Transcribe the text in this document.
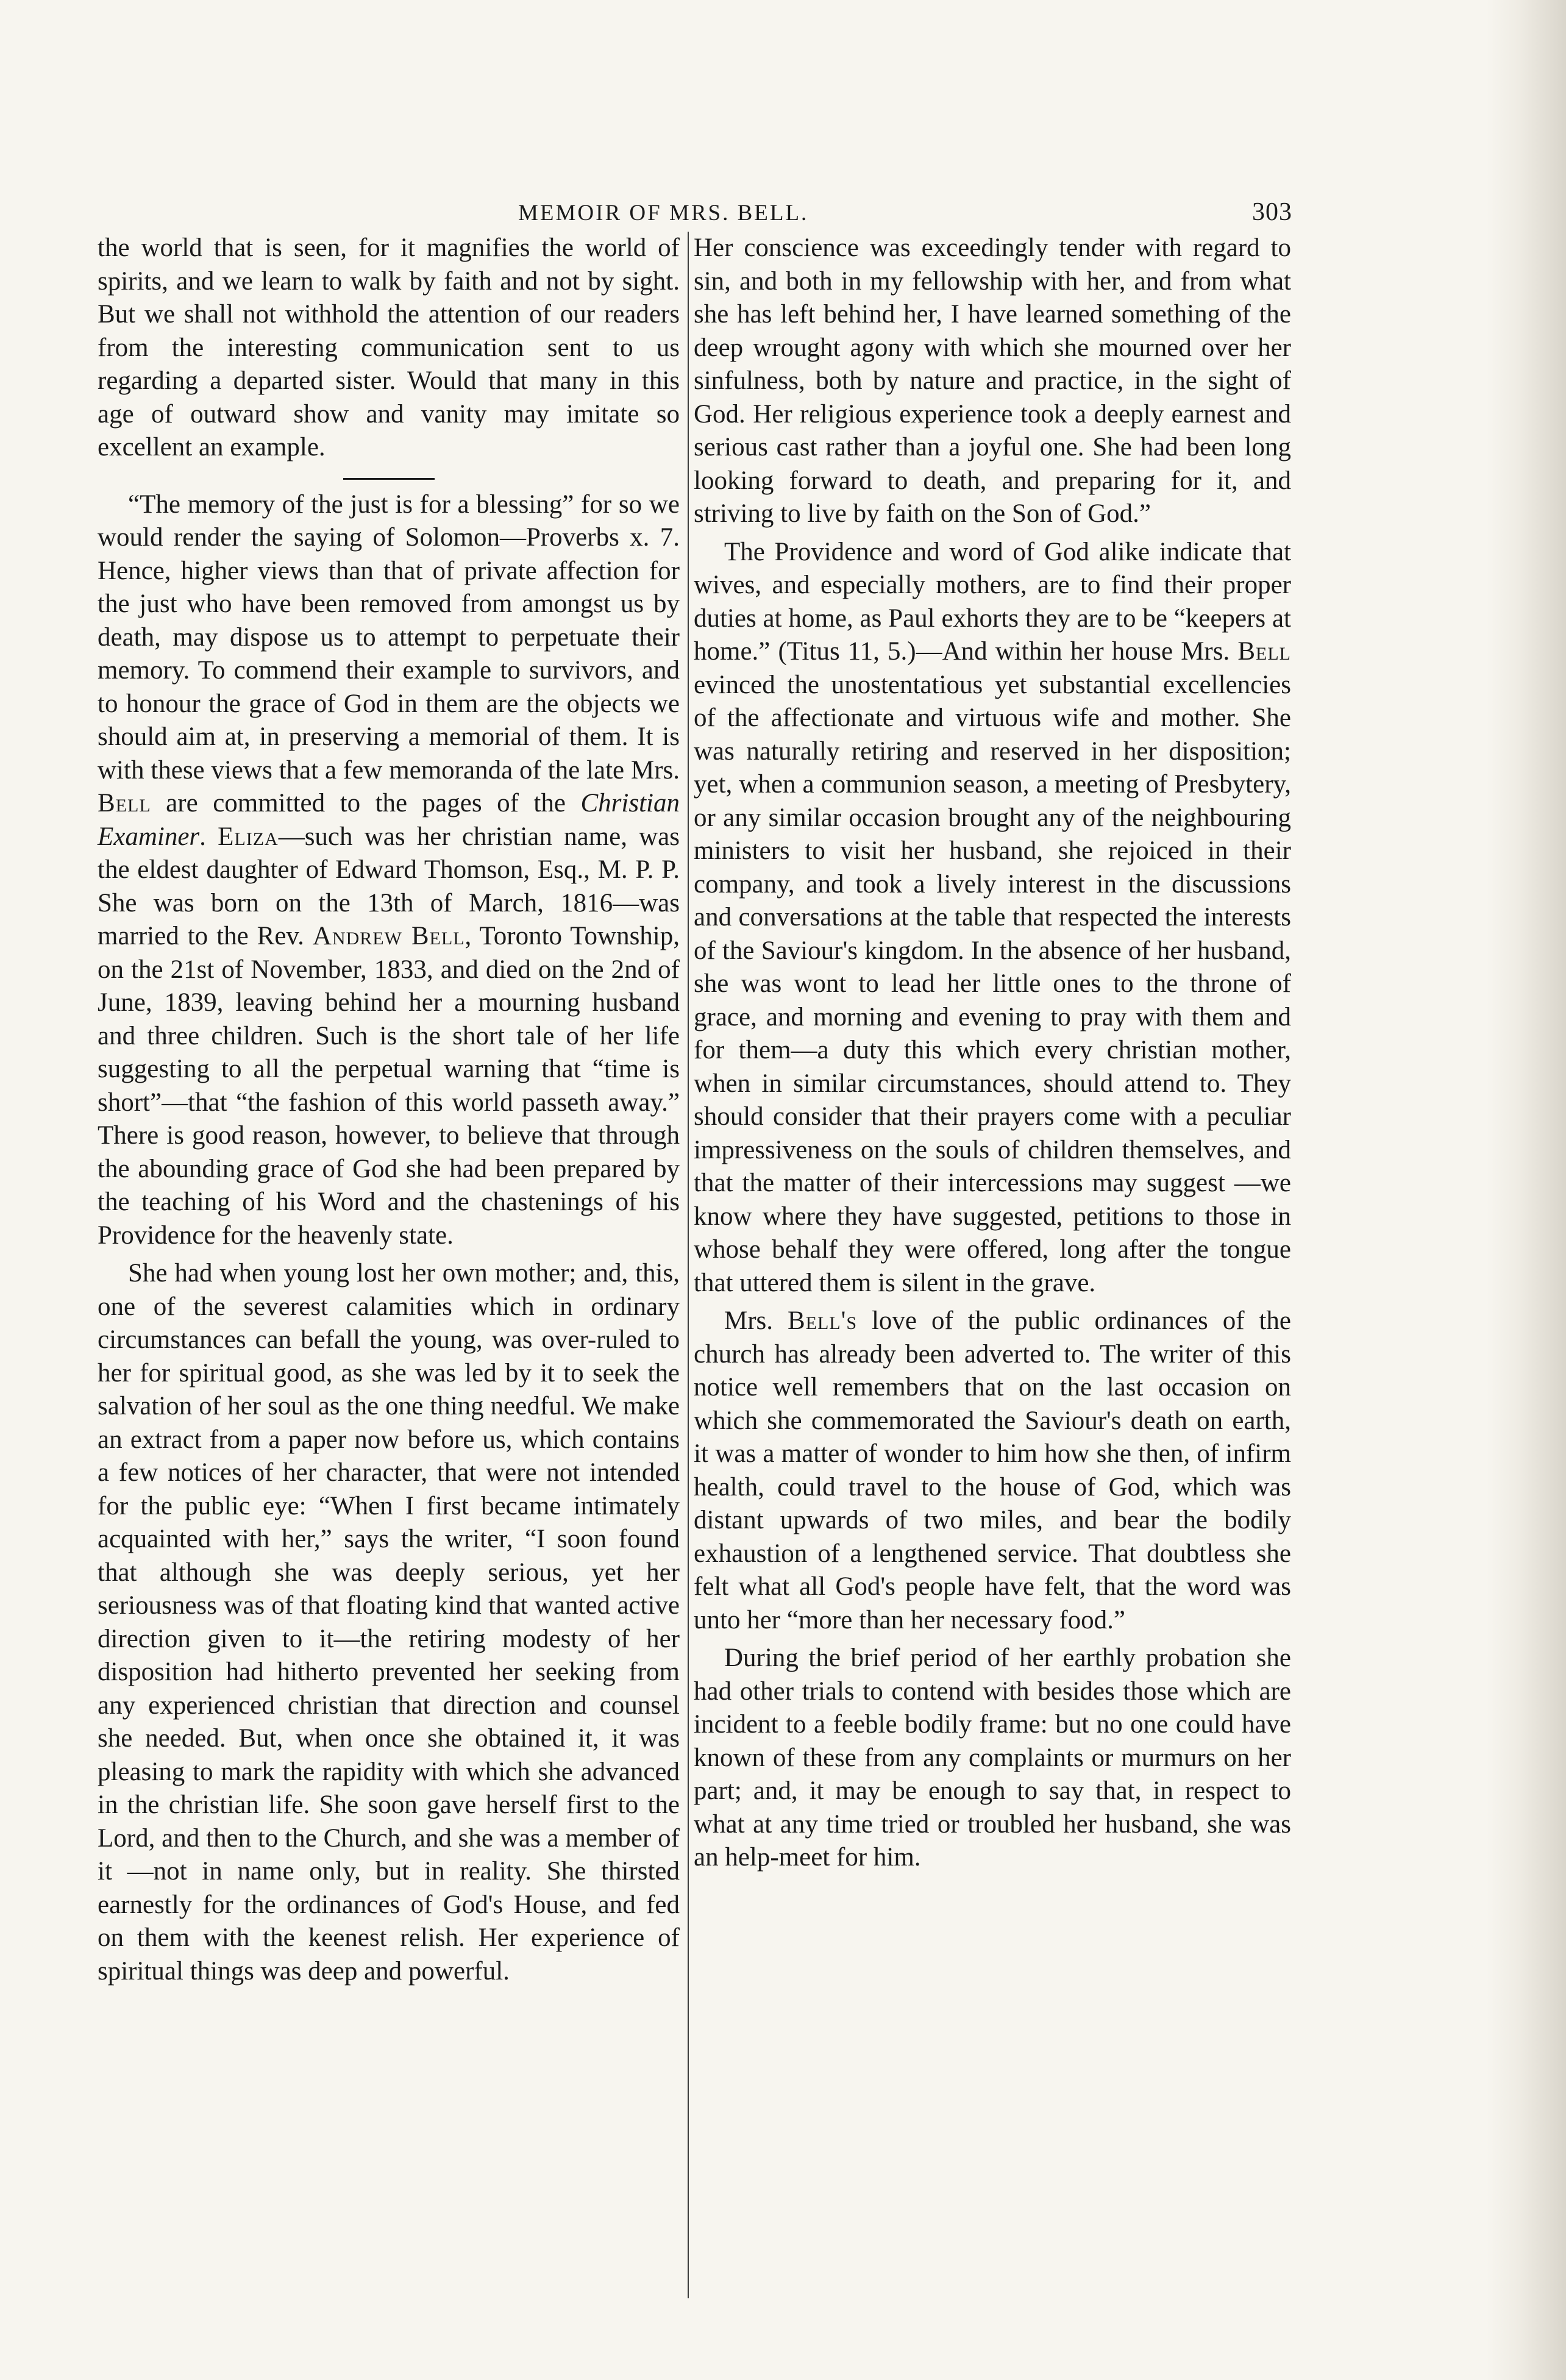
MEMOIR OF MRS. BELL.	303

the world that is seen, for it magnifies the world of spirits, and we learn to walk by faith and not by sight. But we shall not withhold the attention of our readers from the interesting communication sent to us regarding a departed sister. Would that many in this age of outward show and vanity may imitate so excellent an example.

“The memory of the just is for a blessing” for so we would render the saying of Solomon—Proverbs x. 7. Hence, higher views than that of private affection for the just who have been removed from amongst us by death, may dispose us to attempt to perpetuate their memory. To commend their example to survivors, and to honour the grace of God in them are the objects we should aim at, in preserving a memorial of them. It is with these views that a few memoranda of the late Mrs. Bell are committed to the pages of the Christian Examiner. Eliza—such was her christian name, was the eldest daughter of Edward Thomson, Esq., M. P. P. She was born on the 13th of March, 1816—was married to the Rev. Andrew Bell, Toronto Township, on the 21st of November, 1833, and died on the 2nd of June, 1839, leaving behind her a mourning husband and three children. Such is the short tale of her life suggesting to all the perpetual warning that “time is short”—that “the fashion of this world passeth away.” There is good reason, however, to believe that through the abounding grace of God she had been prepared by the teaching of his Word and the chastenings of his Providence for the heavenly state.

She had when young lost her own mother; and, this, one of the severest calamities which in ordinary circumstances can befall the young, was over-ruled to her for spiritual good, as she was led by it to seek the salvation of her soul as the one thing needful. We make an extract from a paper now before us, which contains a few notices of her character, that were not intended for the public eye: “When I first became intimately acquainted with her,” says the writer, “I soon found that although she was deeply serious, yet her seriousness was of that floating kind that wanted active direction given to it—the retiring modesty of her disposition had hitherto prevented her seeking from any experienced christian that direction and counsel she needed. But, when once she obtained it, it was pleasing to mark the rapidity with which she advanced in the christian life. She soon gave herself first to the Lord, and then to the Church, and she was a member of it —not in name only, but in reality. She thirsted earnestly for the ordinances of God's House, and fed on them with the keenest relish. Her experience of spiritual things was deep and powerful.

Her conscience was exceedingly tender with regard to sin, and both in my fellowship with her, and from what she has left behind her, I have learned something of the deep wrought agony with which she mourned over her sinfulness, both by nature and practice, in the sight of God. Her religious experience took a deeply earnest and serious cast rather than a joyful one. She had been long looking forward to death, and preparing for it, and striving to live by faith on the Son of God.”

The Providence and word of God alike indicate that wives, and especially mothers, are to find their proper duties at home, as Paul exhorts they are to be “keepers at home.” (Titus 11, 5.)—And within her house Mrs. Bell evinced the unostentatious yet substantial excellencies of the affectionate and virtuous wife and mother. She was naturally retiring and reserved in her disposition; yet, when a communion season, a meeting of Presbytery, or any similar occasion brought any of the neighbouring ministers to visit her husband, she rejoiced in their company, and took a lively interest in the discussions and conversations at the table that respected the interests of the Saviour's kingdom. In the absence of her husband, she was wont to lead her little ones to the throne of grace, and morning and evening to pray with them and for them—a duty this which every christian mother, when in similar circumstances, should attend to. They should consider that their prayers come with a peculiar impressiveness on the souls of children themselves, and that the matter of their intercessions may suggest —we know where they have suggested, petitions to those in whose behalf they were offered, long after the tongue that uttered them is silent in the grave.

Mrs. Bell's love of the public ordinances of the church has already been adverted to. The writer of this notice well remembers that on the last occasion on which she commemorated the Saviour's death on earth, it was a matter of wonder to him how she then, of infirm health, could travel to the house of God, which was distant upwards of two miles, and bear the bodily exhaustion of a lengthened service. That doubtless she felt what all God's people have felt, that the word was unto her “more than her necessary food.”

During the brief period of her earthly probation she had other trials to contend with besides those which are incident to a feeble bodily frame: but no one could have known of these from any complaints or murmurs on her part; and, it may be enough to say that, in respect to what at any time tried or troubled her husband, she was an help-meet for him.
